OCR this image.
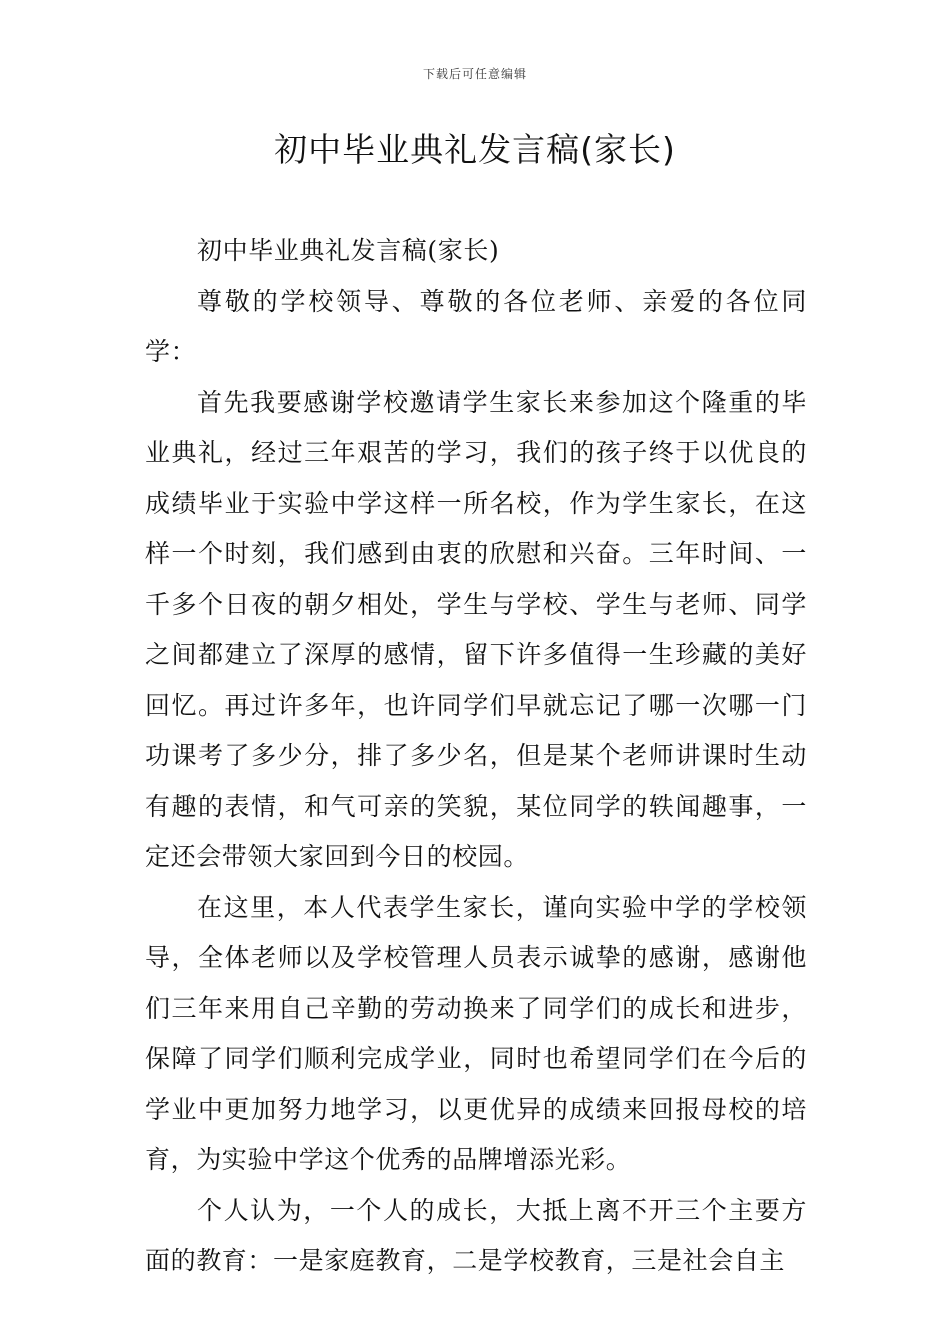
下载后可任意编辑
初中毕业典礼发言稿(家长)

初中毕业典礼发言稿(家长)

尊敬的学校领导、尊敬的各位老师、亲爱的各位同学：

首先我要感谢学校邀请学生家长来参加这个隆重的毕业典礼，经过三年艰苦的学习，我们的孩子终于以优良的成绩毕业于实验中学这样一所名校，作为学生家长，在这样一个时刻，我们感到由衷的欣慰和兴奋。三年时间、一千多个日夜的朝夕相处，学生与学校、学生与老师、同学之间都建立了深厚的感情，留下许多值得一生珍藏的美好回忆。再过许多年，也许同学们早就忘记了哪一次哪一门功课考了多少分，排了多少名，但是某个老师讲课时生动有趣的表情，和气可亲的笑貌，某位同学的轶闻趣事，一定还会带领大家回到今日的校园。

在这里，本人代表学生家长，谨向实验中学的学校领导，全体老师以及学校管理人员表示诚挚的感谢，感谢他们三年来用自己辛勤的劳动换来了同学们的成长和进步，保障了同学们顺利完成学业，同时也希望同学们在今后的学业中更加努力地学习，以更优异的成绩来回报母校的培育，为实验中学这个优秀的品牌增添光彩。

个人认为，一个人的成长，大抵上离不开三个主要方面的教育：一是家庭教育，二是学校教育，三是社会自主
